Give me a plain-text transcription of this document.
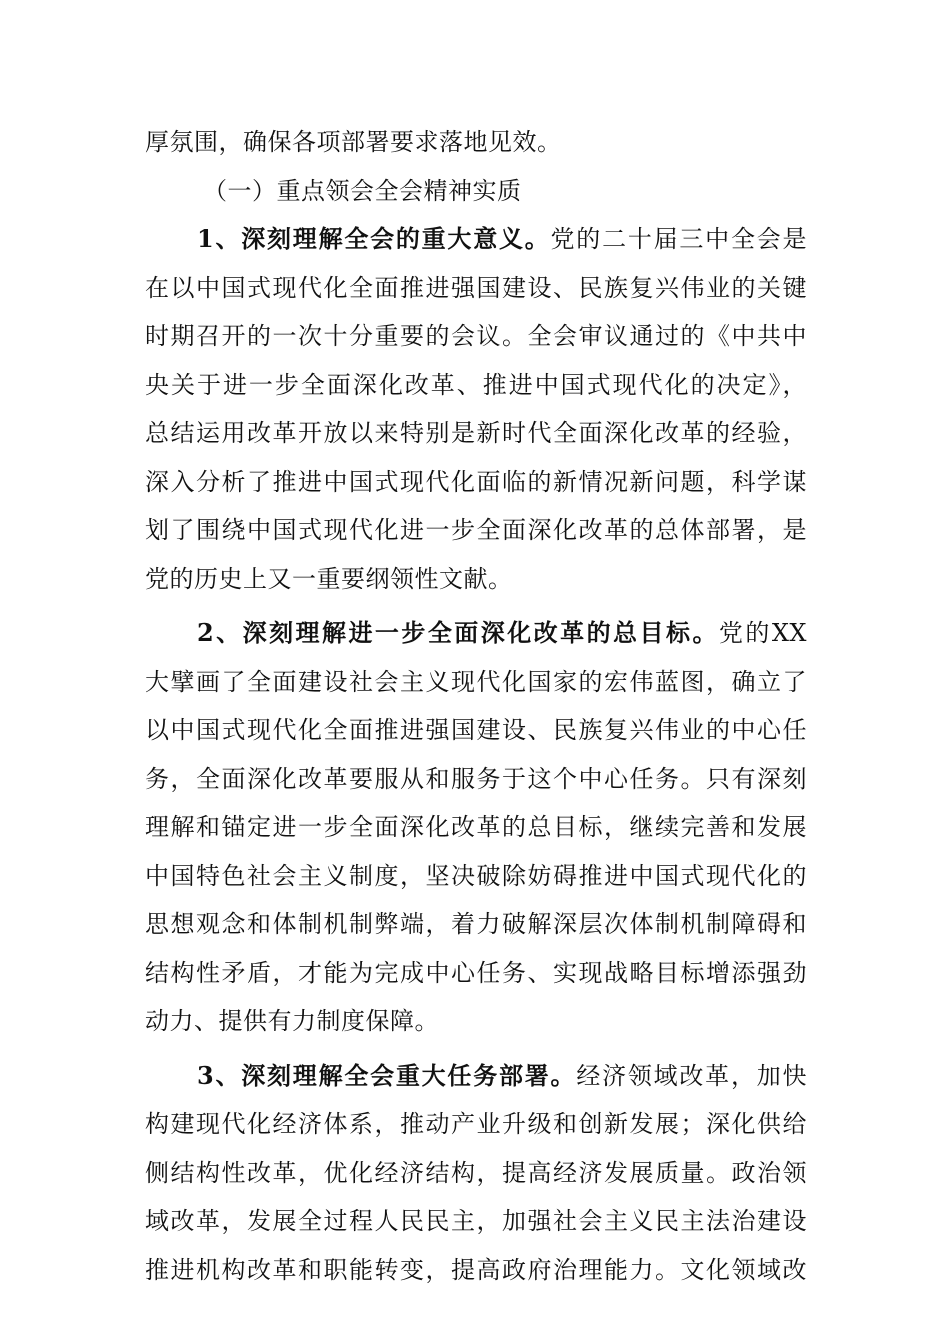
厚氛围，确保各项部署要求落地见效。
（一）重点领会全会精神实质
1、深刻理解全会的重大意义。党的二十届三中全会是
在以中国式现代化全面推进强国建设、民族复兴伟业的关键
时期召开的一次十分重要的会议。全会审议通过的《中共中
央关于进一步全面深化改革、推进中国式现代化的决定》，
总结运用改革开放以来特别是新时代全面深化改革的经验，
深入分析了推进中国式现代化面临的新情况新问题，科学谋
划了围绕中国式现代化进一步全面深化改革的总体部署，是
党的历史上又一重要纲领性文献。
2、深刻理解进一步全面深化改革的总目标。党的XX
大擘画了全面建设社会主义现代化国家的宏伟蓝图，确立了
以中国式现代化全面推进强国建设、民族复兴伟业的中心任
务，全面深化改革要服从和服务于这个中心任务。只有深刻
理解和锚定进一步全面深化改革的总目标，继续完善和发展
中国特色社会主义制度，坚决破除妨碍推进中国式现代化的
思想观念和体制机制弊端，着力破解深层次体制机制障碍和
结构性矛盾，才能为完成中心任务、实现战略目标增添强劲
动力、提供有力制度保障。
3、深刻理解全会重大任务部署。经济领域改革，加快
构建现代化经济体系，推动产业升级和创新发展；深化供给
侧结构性改革，优化经济结构，提高经济发展质量。政治领
域改革，发展全过程人民民主，加强社会主义民主法治建设
推进机构改革和职能转变，提高政府治理能力。文化领域改
